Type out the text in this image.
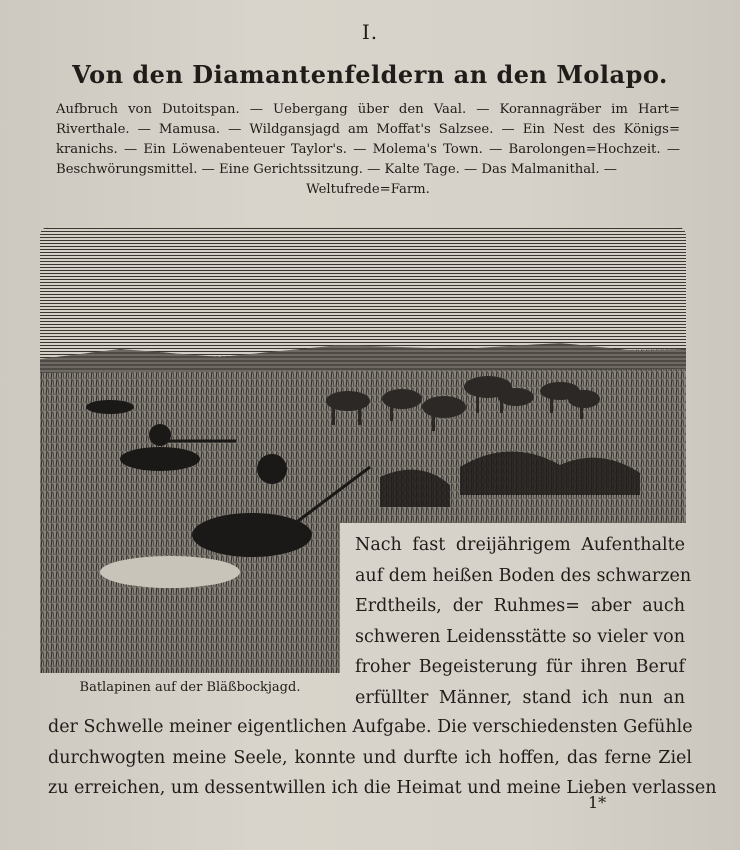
I.
Von den Diamantenfeldern an den Molapo.
Aufbruch von Dutoitspan. — Uebergang über den Vaal. — Korannagräber im Hart= Riverthale. — Mamusa. — Wildgansjagd am Moffat's Salzsee. — Ein Nest des Königs= kranichs. — Ein Löwenabenteuer Taylor's. — Molema's Town. — Barolongen=Hochzeit. — Beschwörungsmittel. — Eine Gerichtssitzung. — Kalte Tage. — Das Malmanithal. —
Weltufrede=Farm.
Batlapinen auf der Bläßbockjagd.
Nach fast dreijährigem Aufenthalte
auf dem heißen Boden des schwarzen
Erdtheils, der Ruhmes= aber auch
schweren Leidensstätte so vieler von
froher Begeisterung für ihren Beruf
erfüllter Männer, stand ich nun an
der Schwelle meiner eigentlichen Aufgabe. Die verschiedensten Gefühle
durchwogten meine Seele, konnte und durfte ich hoffen, das ferne Ziel
zu erreichen, um dessentwillen ich die Heimat und meine Lieben verlassen
1*
